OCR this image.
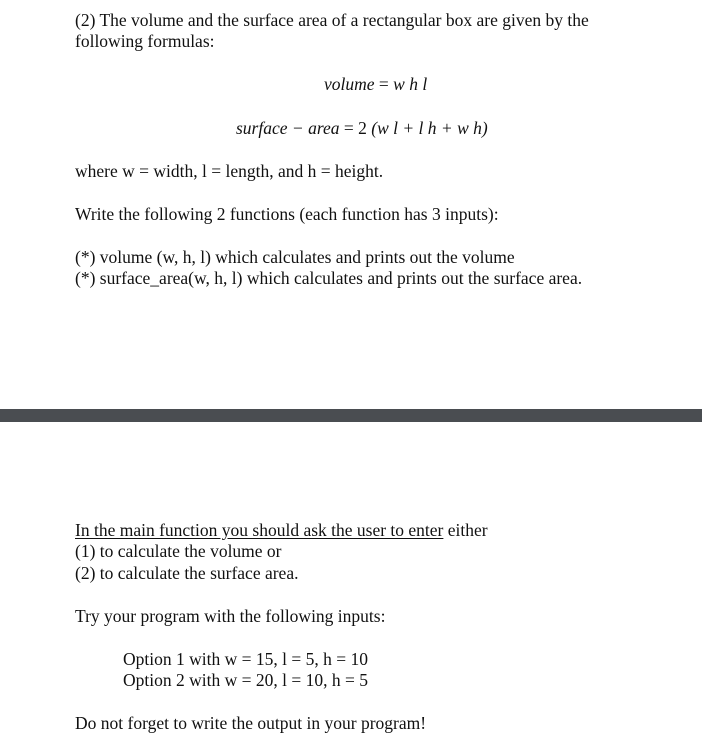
(2) The volume and the surface area of a rectangular box are given by the
following formulas:
volume = w h l
surface − area = 2 (w l + l h + w h)
where w = width, l = length, and h = height.
Write the following 2 functions (each function has 3 inputs):
(*) volume (w, h, l) which calculates and prints out the volume
(*) surface_area(w, h, l) which calculates and prints out the surface area.
In the main function you should ask the user to enter either
(1) to calculate the volume or
(2) to calculate the surface area.
Try your program with the following inputs:
Option 1 with w = 15, l = 5, h = 10
Option 2 with w = 20, l = 10, h = 5
Do not forget to write the output in your program!
